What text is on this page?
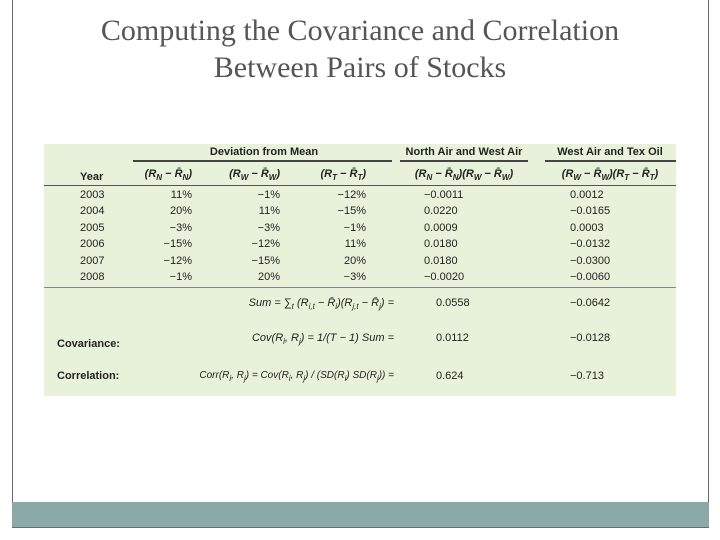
Computing the Covariance and Correlation
Between Pairs of Stocks
Deviation from Mean	North Air and West Air	West Air and Tex Oil
Year	($R_N$ − $R̄_N$)	($R_W$ − $R̄_W$)	($R_T$ − $R̄_T$)	($R_N$ − $R̄_N)(R_W$ − $R̄_W$)	($R_W$ − $R̄_W)(R_T$ − $R̄_T$)
2003	11%	−1%	−12%	−0.0011	0.0012
2004	20%	11%	−15%	0.0220	−0.0165
2005	−3%	−3%	−1%	0.0009	0.0003
2006	−15%	−12%	11%	0.0180	−0.0132
2007	−12%	−15%	20%	0.0180	−0.0300
2008	−1%	20%	−3%	−0.0020	−0.0060
Sum = $\sum_t$ ($R_{i,t}$ − $R̄_i)(R_{j,t}$ − $R̄_j$) =	0.0558	−0.0642
Covariance:	$Cov(R_i$, $R_j) = 1/(T - 1)$ Sum =	0.0112	−0.0128
Correlation:	$Corr(R_i$, $R_j) = Cov(R_i$, $R_j) / (SD(R_i) SD(R_j))$ =	0.624	−0.713
